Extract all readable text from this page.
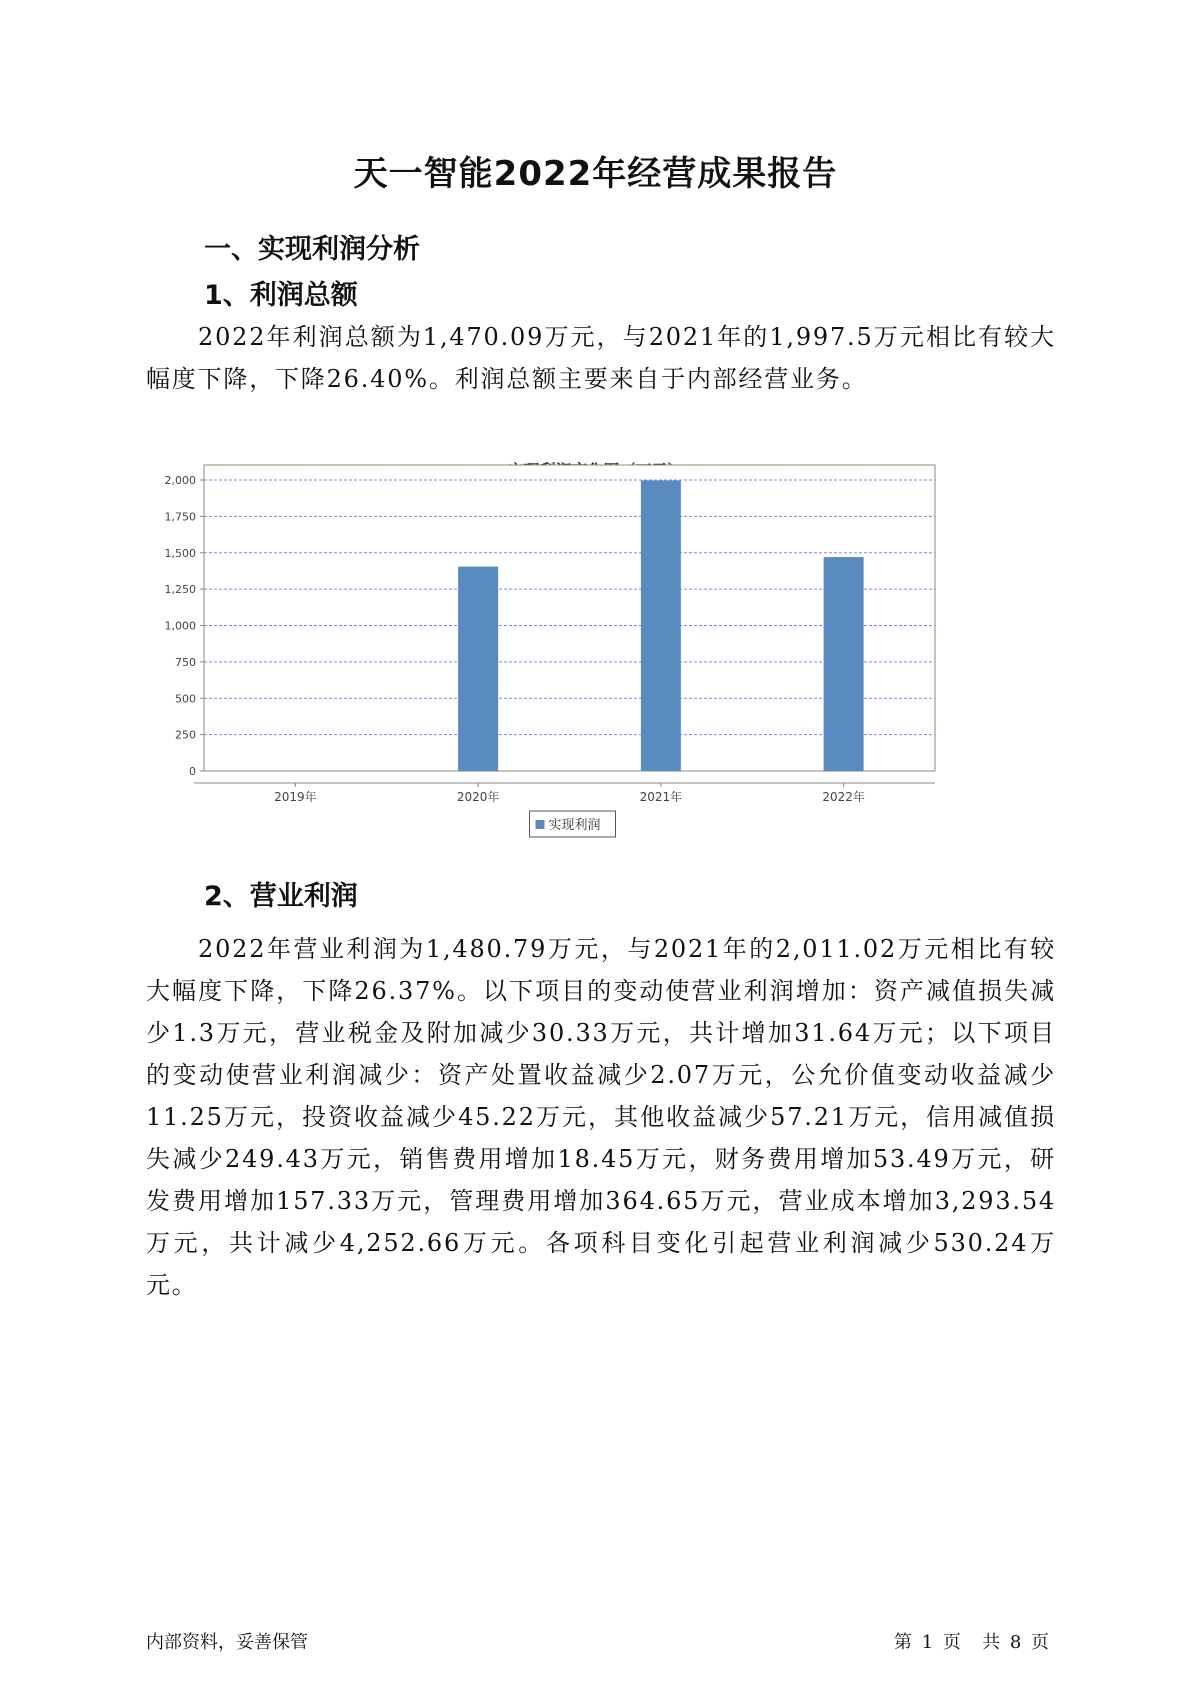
天一智能2022年经营成果报告
一、实现利润分析
1、利润总额

2022年利润总额为1,470.09万元，与2021年的1,997.5万元相比有较大幅度下降，下降26.40%。利润总额主要来自于内部经营业务。

0
250
500
750
1,000
1,250
1,500
1,750
2,000
2019年	2020年	2021年	2022年
实现利润
2、营业利润

2022年营业利润为1,480.79万元，与2021年的2,011.02万元相比有较大幅度下降，下降26.37%。以下项目的变动使营业利润增加：资产减值损失减少1.3万元，营业税金及附加减少30.33万元，共计增加31.64万元；以下项目的变动使营业利润减少：资产处置收益减少2.07万元，公允价值变动收益减少11.25万元，投资收益减少45.22万元，其他收益减少57.21万元，信用减值损失减少249.43万元，销售费用增加18.45万元，财务费用增加53.49万元，研发费用增加157.33万元，管理费用增加364.65万元，营业成本增加3,293.54万元，共计减少4,252.66万元。各项科目变化引起营业利润减少530.24万元。

内部资料，妥善保管	第 1 页 共 8 页
